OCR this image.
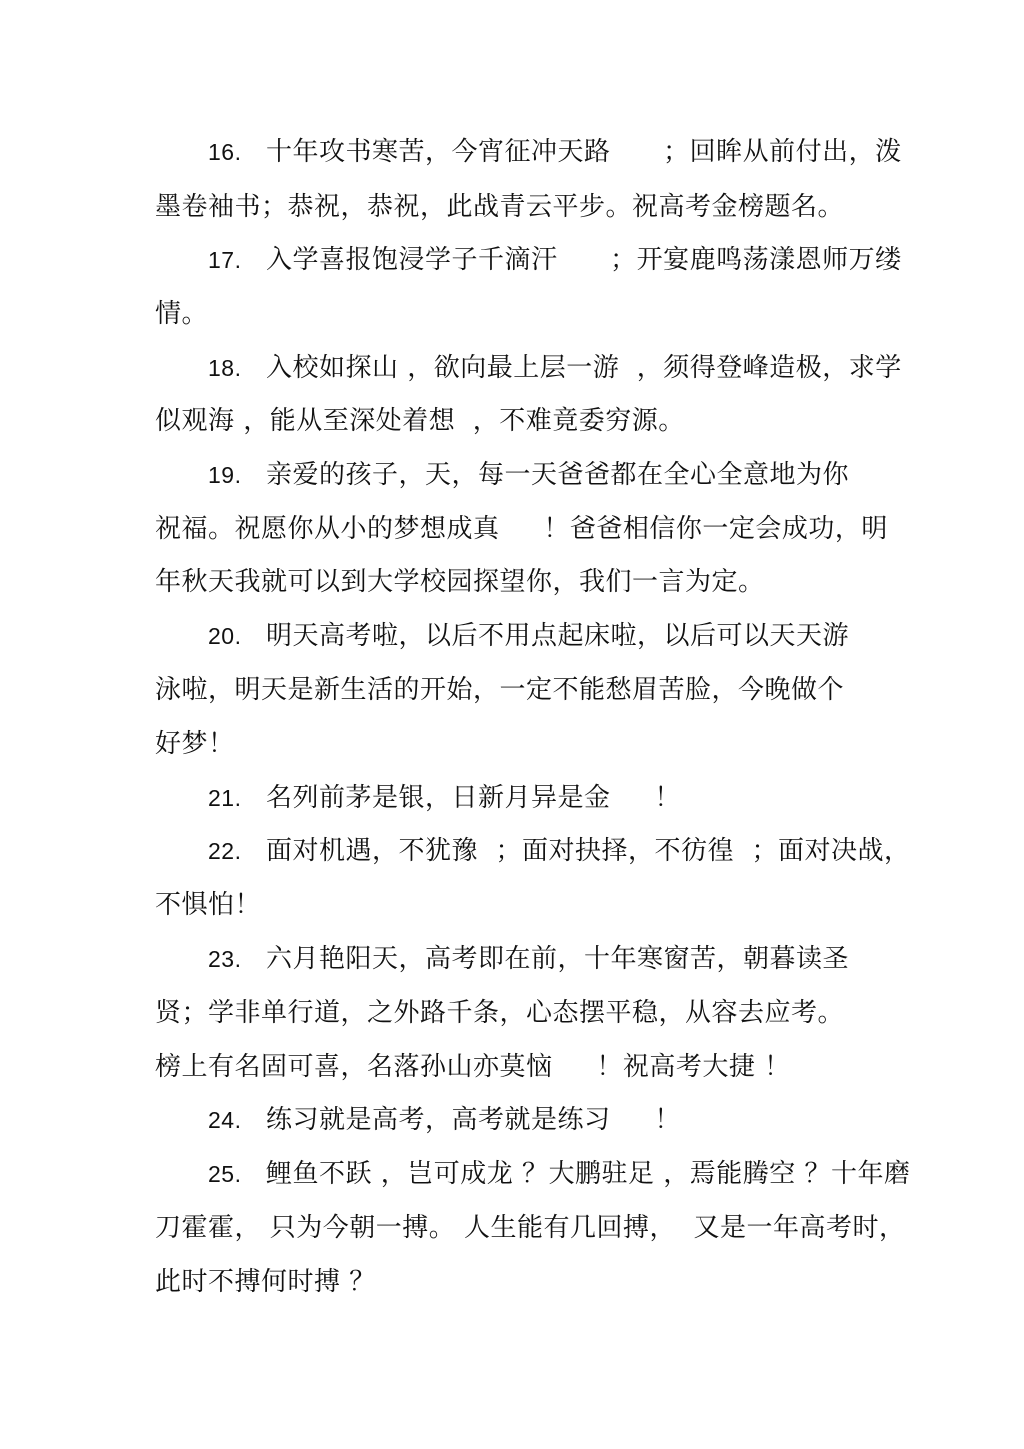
16. 十年攻书寒苦，今宵征冲天路      ；回眸从前付出，泼
墨卷袖书；恭祝，恭祝，此战青云平步。祝高考金榜题名。
17. 入学喜报饱浸学子千滴汗      ；开宴鹿鸣荡漾恩师万缕
情。
18. 入校如探山 ，欲向最上层一游  ，须得登峰造极，求学
似观海 ，能从至深处着想  ，不难竟委穷源。
19. 亲爱的孩子，天，每一天爸爸都在全心全意地为你
祝福。祝愿你从小的梦想成真     ！爸爸相信你一定会成功，明
年秋天我就可以到大学校园探望你，我们一言为定。
20. 明天高考啦，以后不用点起床啦，以后可以天天游
泳啦，明天是新生活的开始，一定不能愁眉苦脸，今晚做个
好梦！
21. 名列前茅是银，日新月异是金     ！
22. 面对机遇，不犹豫  ；面对抉择，不彷徨  ；面对决战，
不惧怕！
23. 六月艳阳天，高考即在前，十年寒窗苦，朝暮读圣
贤；学非单行道，之外路千条，心态摆平稳，从容去应考。
榜上有名固可喜，名落孙山亦莫恼     ！祝高考大捷 ！
24. 练习就是高考，高考就是练习     ！
25. 鲤鱼不跃 ，岂可成龙 ？大鹏驻足 ，焉能腾空 ？十年磨
刀霍霍， 只为今朝一搏。 人生能有几回搏，  又是一年高考时，
此时不搏何时搏 ？
